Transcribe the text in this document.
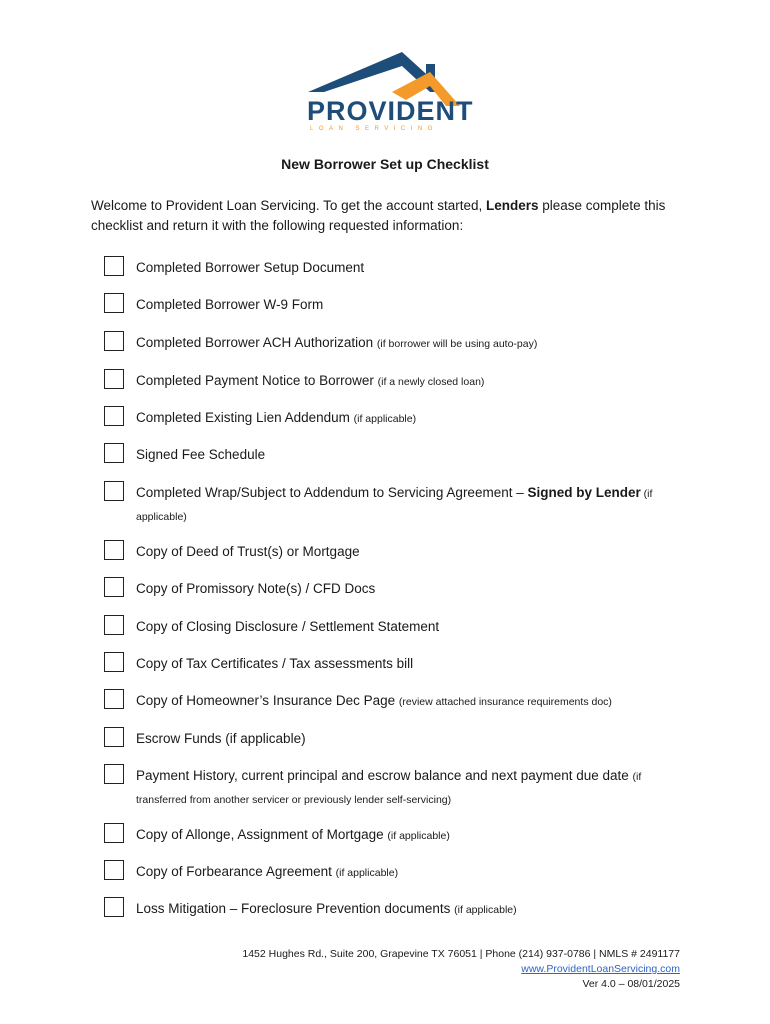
PROVIDENT
LOAN SERVICING
New Borrower Set up Checklist
Welcome to Provident Loan Servicing. To get the account started, Lenders please complete this checklist and return it with the following requested information:
Completed Borrower Setup Document
Completed Borrower W-9 Form
Completed Borrower ACH Authorization (if borrower will be using auto-pay)
Completed Payment Notice to Borrower (if a newly closed loan)
Completed Existing Lien Addendum (if applicable)
Signed Fee Schedule
Completed Wrap/Subject to Addendum to Servicing Agreement – Signed by Lender (if applicable)
Copy of Deed of Trust(s) or Mortgage
Copy of Promissory Note(s) / CFD Docs
Copy of Closing Disclosure / Settlement Statement
Copy of Tax Certificates / Tax assessments bill
Copy of Homeowner’s Insurance Dec Page (review attached insurance requirements doc)
Escrow Funds (if applicable)
Payment History, current principal and escrow balance and next payment due date (if transferred from another servicer or previously lender self-servicing)
Copy of Allonge, Assignment of Mortgage (if applicable)
Copy of Forbearance Agreement (if applicable)
Loss Mitigation – Foreclosure Prevention documents (if applicable)
1452 Hughes Rd., Suite 200, Grapevine TX 76051 | Phone (214) 937-0786 | NMLS # 2491177 www.ProvidentLoanServicing.com
Ver 4.0 – 08/01/2025
